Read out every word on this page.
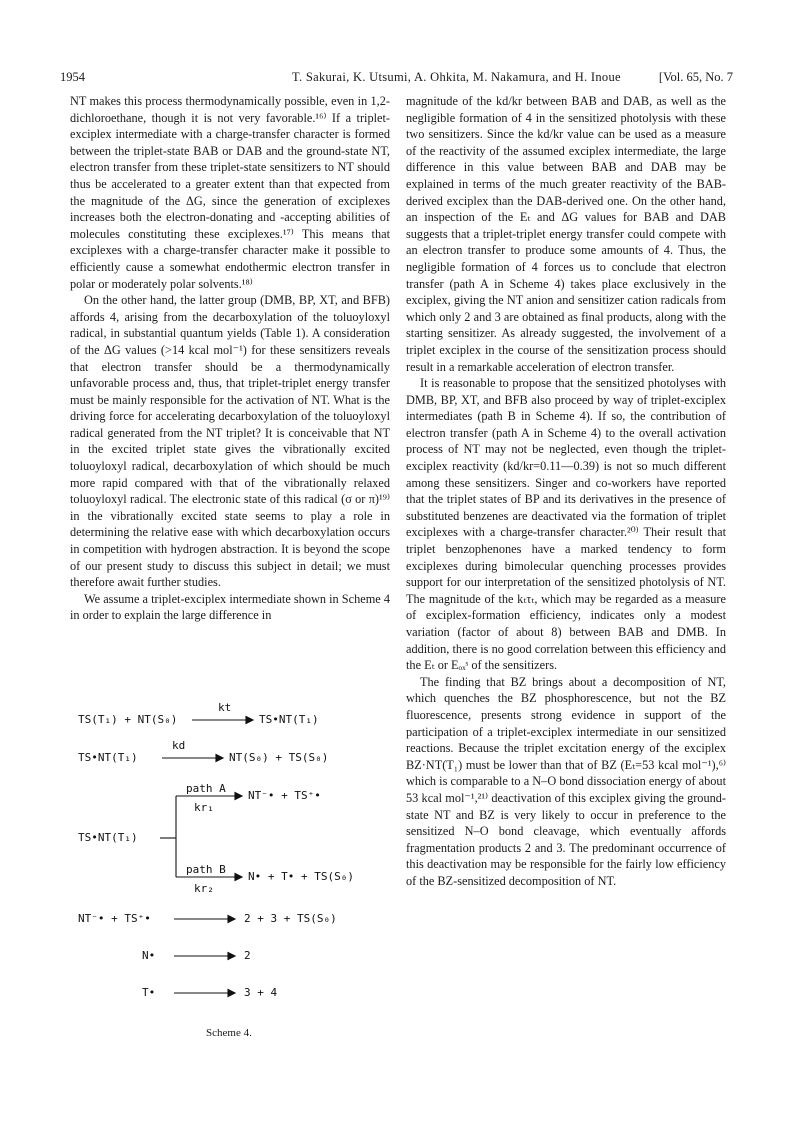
1954	T. Sakurai, K. Utsumi, A. Ohkita, M. Nakamura, and H. Inoue	[Vol. 65, No. 7

NT makes this process thermodynamically possible, even in 1,2-dichloroethane, though it is not very favorable.¹⁶⁾ If a triplet-exciplex intermediate with a charge-transfer character is formed between the triplet-state BAB or DAB and the ground-state NT, electron transfer from these triplet-state sensitizers to NT should thus be accelerated to a greater extent than that expected from the magnitude of the ΔG, since the generation of exciplexes increases both the electron-donating and -accepting abilities of molecules constituting these exciplexes.¹⁷⁾ This means that exciplexes with a charge-transfer character make it possible to efficiently cause a somewhat endothermic electron transfer in polar or moderately polar solvents.¹⁸⁾

On the other hand, the latter group (DMB, BP, XT, and BFB) affords 4, arising from the decarboxylation of the toluoyloxyl radical, in substantial quantum yields (Table 1). A consideration of the ΔG values (>14 kcal mol⁻¹) for these sensitizers reveals that electron transfer should be a thermodynamically unfavorable process and, thus, that triplet-triplet energy transfer must be mainly responsible for the activation of NT. What is the driving force for accelerating decarboxylation of the toluoyloxyl radical generated from the NT triplet? It is conceivable that NT in the excited triplet state gives the vibrationally excited toluoyloxyl radical, decarboxylation of which should be much more rapid compared with that of the vibrationally relaxed toluoyloxyl radical. The electronic state of this radical (σ or π)¹⁹⁾ in the vibrationally excited state seems to play a role in determining the relative ease with which decarboxylation occurs in competition with hydrogen abstraction. It is beyond the scope of our present study to discuss this subject in detail; we must therefore await further studies.

We assume a triplet-exciplex intermediate shown in Scheme 4 in order to explain the large difference in

magnitude of the kd/kr between BAB and DAB, as well as the negligible formation of 4 in the sensitized photolysis with these two sensitizers. Since the kd/kr value can be used as a measure of the reactivity of the assumed exciplex intermediate, the large difference in this value between BAB and DAB may be explained in terms of the much greater reactivity of the BAB-derived exciplex than the DAB-derived one. On the other hand, an inspection of the Eₜ and ΔG values for BAB and DAB suggests that a triplet-triplet energy transfer could compete with an electron transfer to produce some amounts of 4. Thus, the negligible formation of 4 forces us to conclude that electron transfer (path A in Scheme 4) takes place exclusively in the exciplex, giving the NT anion and sensitizer cation radicals from which only 2 and 3 are obtained as final products, along with the starting sensitizer. As already suggested, the involvement of a triplet exciplex in the course of the sensitization process should result in a remarkable acceleration of electron transfer.

It is reasonable to propose that the sensitized photolyses with DMB, BP, XT, and BFB also proceed by way of triplet-exciplex intermediates (path B in Scheme 4). If so, the contribution of electron transfer (path A in Scheme 4) to the overall activation process of NT may not be neglected, even though the triplet-exciplex reactivity (kd/kr=0.11—0.39) is not so much different among these sensitizers. Singer and co-workers have reported that the triplet states of BP and its derivatives in the presence of substituted benzenes are deactivated via the formation of triplet exciplexes with a charge-transfer character.²⁰⁾ Their result that triplet benzophenones have a marked tendency to form exciplexes during bimolecular quenching processes provides support for our interpretation of the sensitized photolysis of NT. The magnitude of the kₜτₜ, which may be regarded as a measure of exciplex-formation efficiency, indicates only a modest variation (factor of about 8) between BAB and DMB. In addition, there is no good correlation between this efficiency and the Eₜ or Eₒₓˢ of the sensitizers.

The finding that BZ brings about a decomposition of NT, which quenches the BZ phosphorescence, but not the BZ fluorescence, presents strong evidence in support of the participation of a triplet-exciplex intermediate in our sensitized reactions. Because the triplet excitation energy of the exciplex BZ·NT(T₁) must be lower than that of BZ (Eₜ=53 kcal mol⁻¹),⁶⁾ which is comparable to a N–O bond dissociation energy of about 53 kcal mol⁻¹,²¹⁾ deactivation of this exciplex giving the ground-state NT and BZ is very likely to occur in preference to the sensitized N–O bond cleavage, which eventually affords fragmentation products 2 and 3. The predominant occurrence of this deactivation may be responsible for the fairly low efficiency of the BZ-sensitized decomposition of NT.

TS(T₁) + NT(S₀)
kt
TS•NT(T₁)
TS•NT(T₁)
kd
NT(S₀) + TS(S₀)
TS•NT(T₁)
path A
kr₁
NT⁻• + TS⁺•
path B
kr₂
N• + T• + TS(S₀)
NT⁻• + TS⁺•	2 + 3 + TS(S₀)
N•	2
T•	3 + 4
Scheme 4.
